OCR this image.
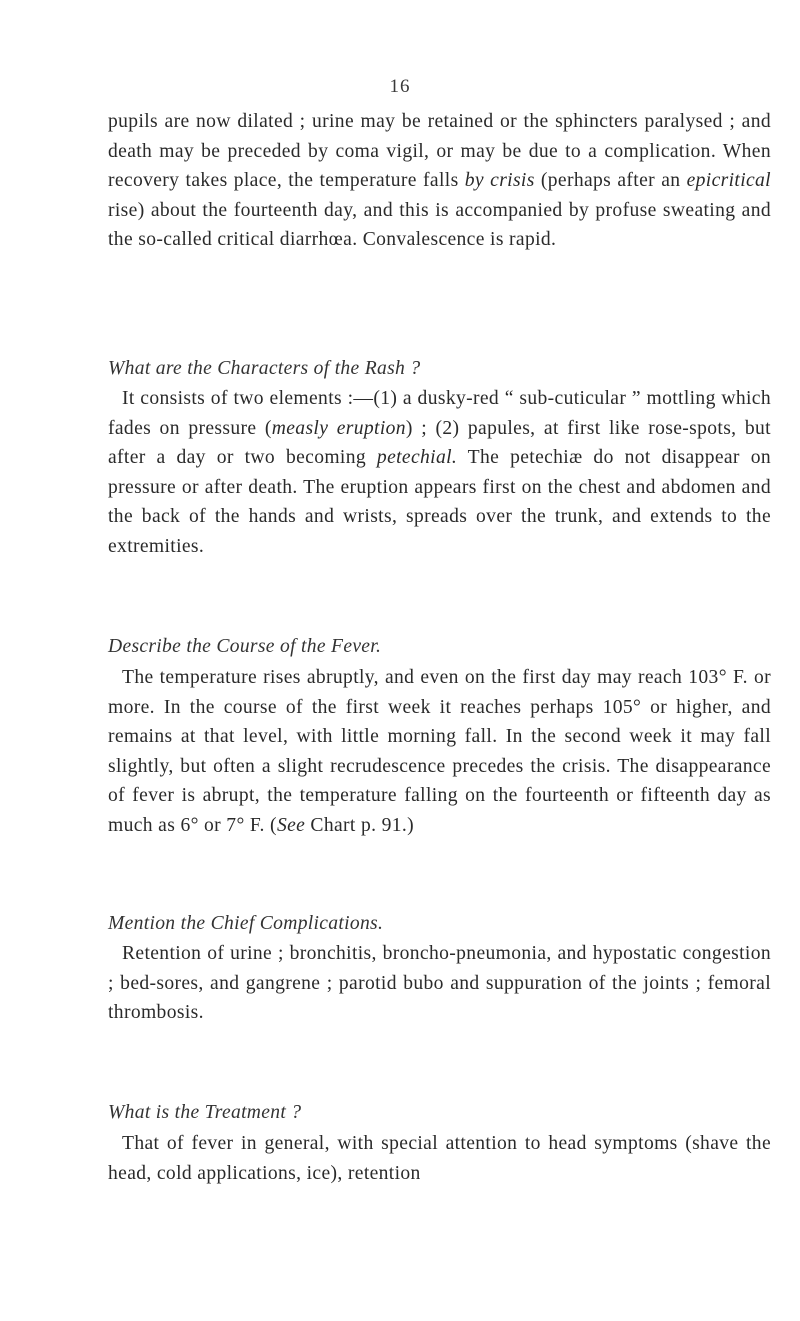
16

pupils are now dilated ; urine may be retained or the sphincters paralysed ; and death may be preceded by coma vigil, or may be due to a complication. When recovery takes place, the temperature falls by crisis (perhaps after an epicritical rise) about the fourteenth day, and this is accompanied by profuse sweating and the so-called critical diarrhœa. Convalescence is rapid.

What are the Characters of the Rash ?

It consists of two elements :—(1) a dusky-red “ sub-cuticular ” mottling which fades on pressure (measly eruption) ; (2) papules, at first like rose-spots, but after a day or two becoming petechial. The petechiæ do not disappear on pressure or after death. The eruption appears first on the chest and abdomen and the back of the hands and wrists, spreads over the trunk, and extends to the extremities.

Describe the Course of the Fever.

The temperature rises abruptly, and even on the first day may reach 103° F. or more. In the course of the first week it reaches perhaps 105° or higher, and remains at that level, with little morning fall. In the second week it may fall slightly, but often a slight recrudescence precedes the crisis. The disappearance of fever is abrupt, the temperature falling on the fourteenth or fifteenth day as much as 6° or 7° F. (See Chart p. 91.)

Mention the Chief Complications.

Retention of urine ; bronchitis, broncho-pneumonia, and hypostatic congestion ; bed-sores, and gangrene ; parotid bubo and suppuration of the joints ; femoral thrombosis.

What is the Treatment ?

That of fever in general, with special attention to head symptoms (shave the head, cold applications, ice), retention
